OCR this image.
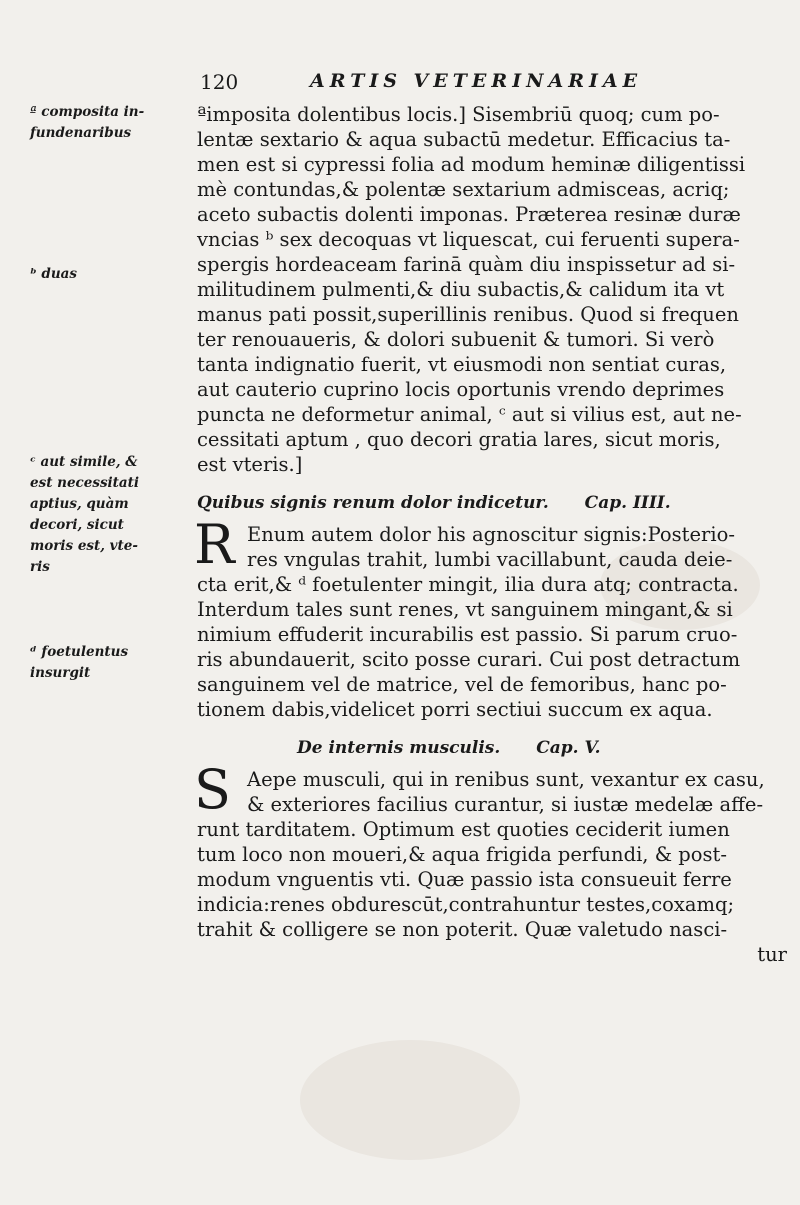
120	ARTIS VETERINARIAE
ª composita in-
fundenaribus
ᵇ duas
ᶜ aut simile, &
est necessitati
aptius, quàm
decori, sicut
moris est, vte-
ris
ᵈ foetulentus
insurgit
ªimposita dolentibus locis.] Sisembriū quoq; cum po-
lentæ sextario & aqua subactū medetur. Efficacius ta-
men est si cypressi folia ad modum heminæ diligentissi
mè contundas,& polentæ sextarium admisceas, acriq;
aceto subactis dolenti imponas. Præterea resinæ duræ
vncias ᵇ sex decoquas vt liquescat, cui feruenti supera-
spergis hordeaceam farinā quàm diu inspissetur ad si-
militudinem pulmenti,& diu subactis,& calidum ita vt
manus pati possit,superillinis renibus. Quod si frequen
ter renouaueris, & dolori subuenit & tumori. Si verò
tanta indignatio fuerit, vt eiusmodi non sentiat curas,
aut cauterio cuprino locis oportunis vrendo deprimes
puncta ne deformetur animal, ᶜ aut si vilius est, aut ne-
cessitati aptum , quo decori gratia lares, sicut moris,
est vteris.]
Quibus signis renum dolor indicetur. Cap. IIII.
R Enum autem dolor his agnoscitur signis:Posterio-
res vngulas trahit, lumbi vacillabunt, cauda deie-
cta erit,& ᵈ foetulenter mingit, ilia dura atq; contracta.
Interdum tales sunt renes, vt sanguinem mingant,& si
nimium effuderit incurabilis est passio. Si parum cruo-
ris abundauerit, scito posse curari. Cui post detractum
sanguinem vel de matrice, vel de femoribus, hanc po-
tionem dabis,videlicet porri sectiui succum ex aqua.
De internis musculis. Cap. V.
S Aepe musculi, qui in renibus sunt, vexantur ex casu,
& exteriores facilius curantur, si iustæ medelæ affe-
runt tarditatem. Optimum est quoties ceciderit iumen
tum loco non moueri,& aqua frigida perfundi, & post-
modum vnguentis vti. Quæ passio ista consueuit ferre
indicia:renes obdurescūt,contrahuntur testes,coxamq;
trahit & colligere se non poterit. Quæ valetudo nasci-
tur
